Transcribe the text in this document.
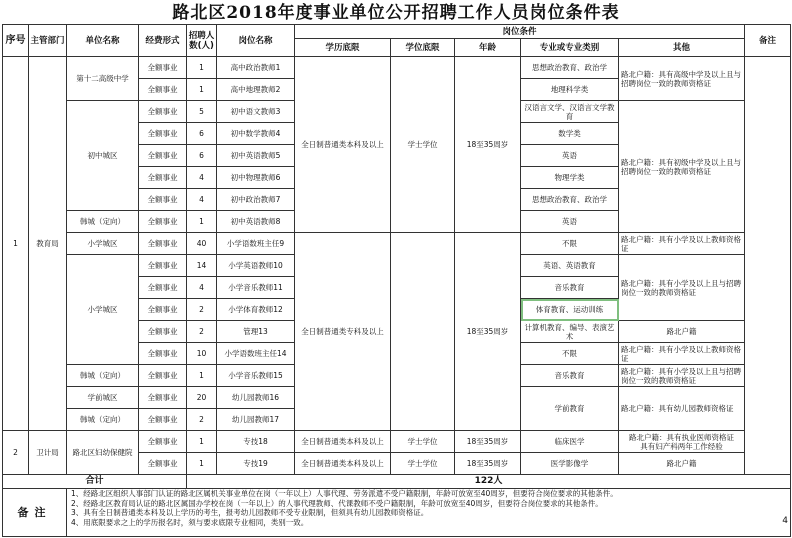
路北区2018年度事业单位公开招聘工作人员岗位条件表
序号	主管部门	单位名称	经费形式	招聘人数(人)	岗位名称	岗位条件					备注
						学历底限	学位底限	年龄	专业或专业类别	其他	
1	教育局	第十二高级中学	全额事业	1	高中政治教师1	全日制普通类本科及以上	学士学位	18至35周岁	思想政治教育、政治学	路北户籍：具有高级中学及以上且与招聘岗位一致的教师资格证	
			全额事业	1	高中地理教师2				地理科学类		
		初中城区	全额事业	5	初中语文教师3				汉语言文学、汉语言文学教育	路北户籍：具有初级中学及以上且与招聘岗位一致的教师资格证	
			全额事业	6	初中数学教师4				数学类		
			全额事业	6	初中英语教师5				英语		
			全额事业	4	初中物理教师6				物理学类		
			全额事业	4	初中政治教师7				思想政治教育、政治学		
		韩城（定向）	全额事业	1	初中英语教师8				英语		
		小学城区	全额事业	40	小学语数班主任9	全日制普通类专科及以上		18至35周岁	不限	路北户籍：具有小学及以上教师资格证	
		小学城区	全额事业	14	小学英语教师10				英语、英语教育	路北户籍：具有小学及以上且与招聘岗位一致的教师资格证	
			全额事业	4	小学音乐教师11				音乐教育		
			全额事业	2	小学体育教师12				体育教育、运动训练		
			全额事业	2	管理13				计算机教育、编导、表演艺术	路北户籍	
			全额事业	10	小学语数班主任14				不限	路北户籍：具有小学及以上教师资格证	
		韩城（定向）	全额事业	1	小学音乐教师15				音乐教育	路北户籍：具有小学及以上且与招聘岗位一致的教师资格证	
		学前城区	全额事业	20	幼儿园教师16				学前教育	路北户籍：具有幼儿园教师资格证	
		韩城（定向）	全额事业	2	幼儿园教师17						
2	卫计局	路北区妇幼保健院	全额事业	1	专技18	全日制普通类本科及以上	学士学位	18至35周岁	临床医学	路北户籍：具有执业医师资格证
具有妇产科两年工作经验	
			全额事业	1	专技19	全日制普通类本科及以上	学士学位	18至35周岁	医学影像学	路北户籍	
合计				122人							
备注		1、经路北区组织人事部门认证的路北区属机关事业单位在岗（一年以上）人事代理、劳务派遣不受户籍限制，年龄可放宽至40周岁，但要符合岗位要求的其他条件。
2、经路北区教育局认证的路北区属国办学校在岗（一年以上）的人事代理教师、代课教师不受户籍限制，年龄可放宽至40周岁，但要符合岗位要求的其他条件。
3、具有全日制普通类本科及以上学历的考生，报考幼儿园教师不受专业限制，但须具有幼儿园教师资格证。
4、用底限要求之上的学历报名时，须与要求底限专业相同，类别一致。										4
